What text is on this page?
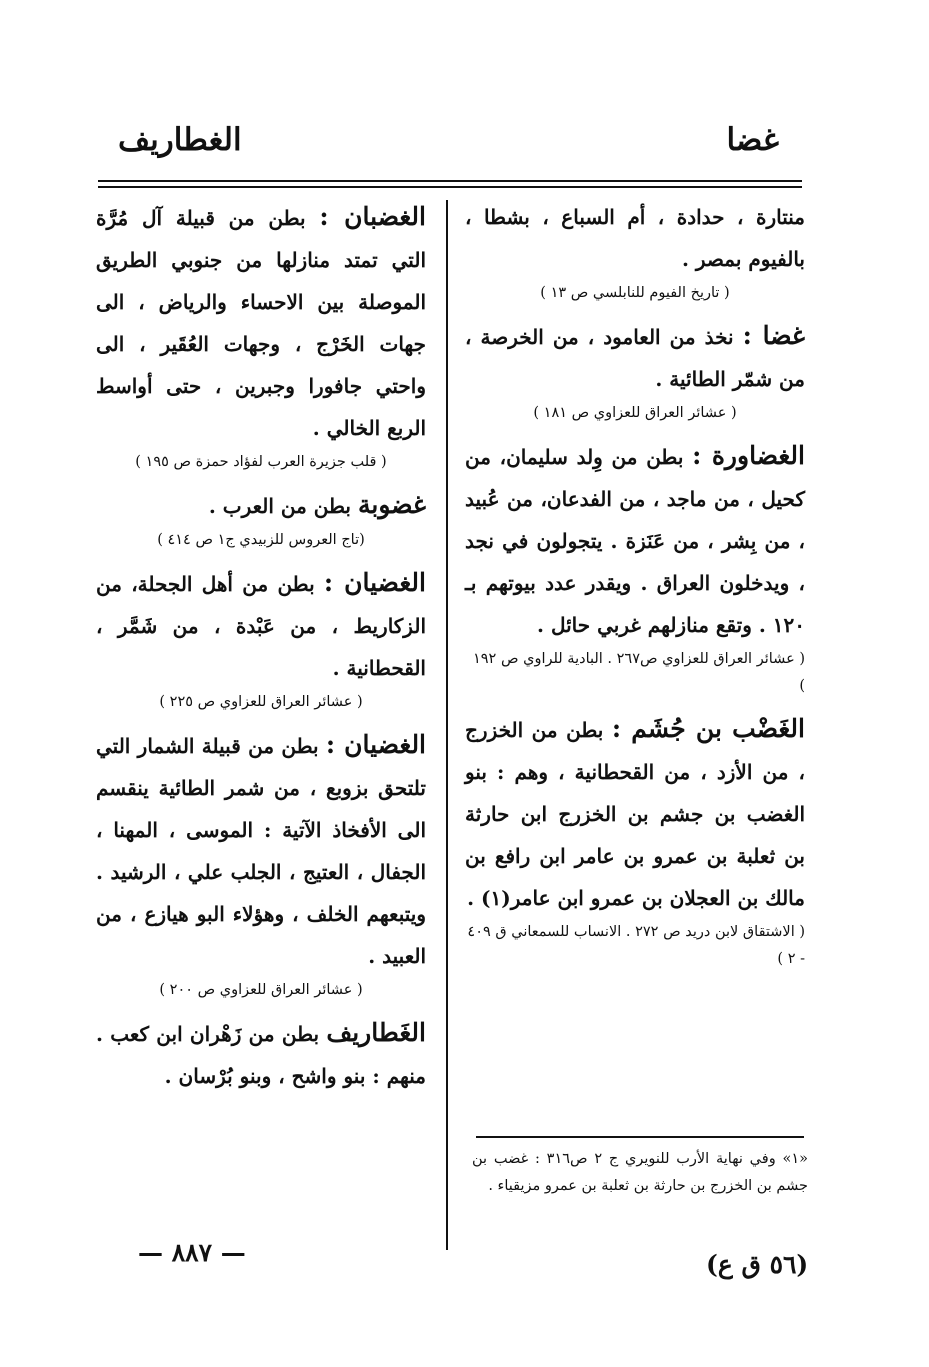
غضا
الغطاريف

منتارة ، حدادة ، أم السباع ، بشطا ، بالفيوم بمصر .

( تاريخ الفيوم للنابلسي ص ١٣ )

غضا : نخذ من العامود ، من الخرصة ، من شمّر الطائية .

( عشائر العراق للعزاوي ص ١٨١ )

الغضاورة : بطن من وِلد سليمان، من كحيل ، من ماجد ، من الفدعان، من عُبيد ، من بِشر ، من عَنَزة . يتجولون في نجد ، ويدخلون العراق . ويقدر عدد بيوتهم بـ ١٢٠ . وتقع منازلهم غربي حائل .

( عشائر العراق للعزاوي ص٢٦٧ . البادية للراوي ص ١٩٢ )

الغَضْب بن جُشَم : بطن من الخزرج ، من الأزد ، من القحطانية ، وهم : بنو الغضب بن جشم بن الخزرج ابن حارثة بن ثعلبة بن عمرو بن عامر ابن رافع بن مالك بن العجلان بن عمرو ابن عامر(١) .

( الاشتقاق لابن دريد ص ٢٧٢ . الانساب للسمعاني ق ٤٠٩ - ٢ )

الغضبان : بطن من قبيلة آل مُرَّة التي تمتد منازلها من جنوبي الطريق الموصلة بين الاحساء والرياض ، الى جهات الخَرْج ، وجهات العُقَير ، الى واحتي جافورا وجبرين ، حتى أواسط الربع الخالي .

( قلب جزيرة العرب لفؤاد حمزة ص ١٩٥ )

غضوبة بطن من العرب .

(تاج العروس للزبيدي ج١ ص ٤١٤ )

الغضيان : بطن من أهل الجحلة، من الزكاريط ، من عَبْدة ، من شَمَّر ، القحطانية .

( عشائر العراق للعزاوي ص ٢٢٥ )

الغضيان : بطن من قبيلة الشمار التي تلتحق بزوبع ، من شمر الطائية ينقسم الى الأفخاذ الآتية : الموسى ، المهنا ، الجفال ، العتيج ، الجلب علي ، الرشيد . ويتبعهم الخلف ، وهؤلاء البو هيازع ، من العبيد .

( عشائر العراق للعزاوي ص ٢٠٠ )

الغَطاريف بطن من زَهْران ابن كعب . منهم : بنو واشح ، وبنو بُرْسان .

«١» وفي نهاية الأرب للنويري ج ٢ ص٣١٦ : غضب بن جشم بن الخزرج بن حارثة بن ثعلبة بن عمرو مزيقياء .
— ٨٨٧ —	(٥٦ ق ع)
